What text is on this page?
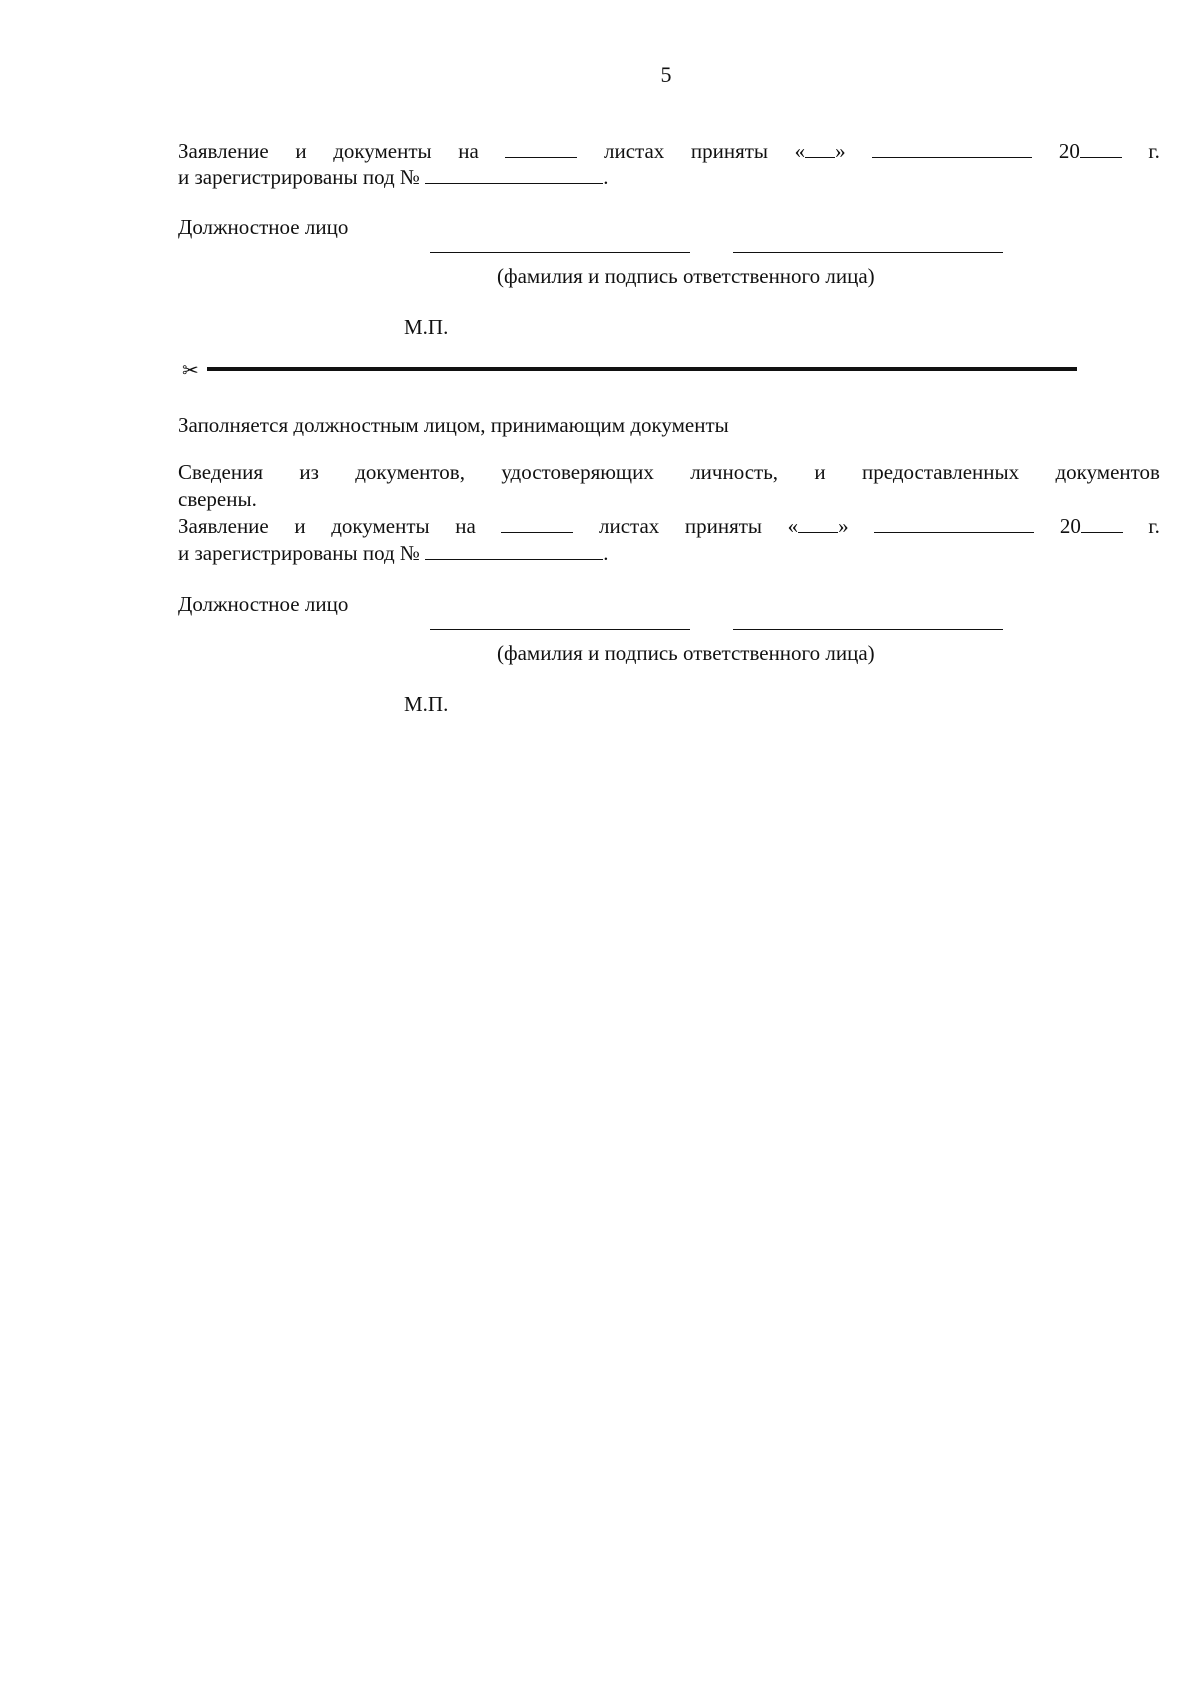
5
Заявление и документы на	листах приняты « »	20	г.
и зарегистрированы под №	.
Должностное лицо
(фамилия и подпись ответственного лица)
М.П.
✂
Заполняется должностным лицом, принимающим документы
Сведения из документов, удостоверяющих личность, и предоставленных документов
сверены.
Заявление и документы на	листах приняты « »	20	г.
и зарегистрированы под №	.
Должностное лицо
(фамилия и подпись ответственного лица)
М.П.
